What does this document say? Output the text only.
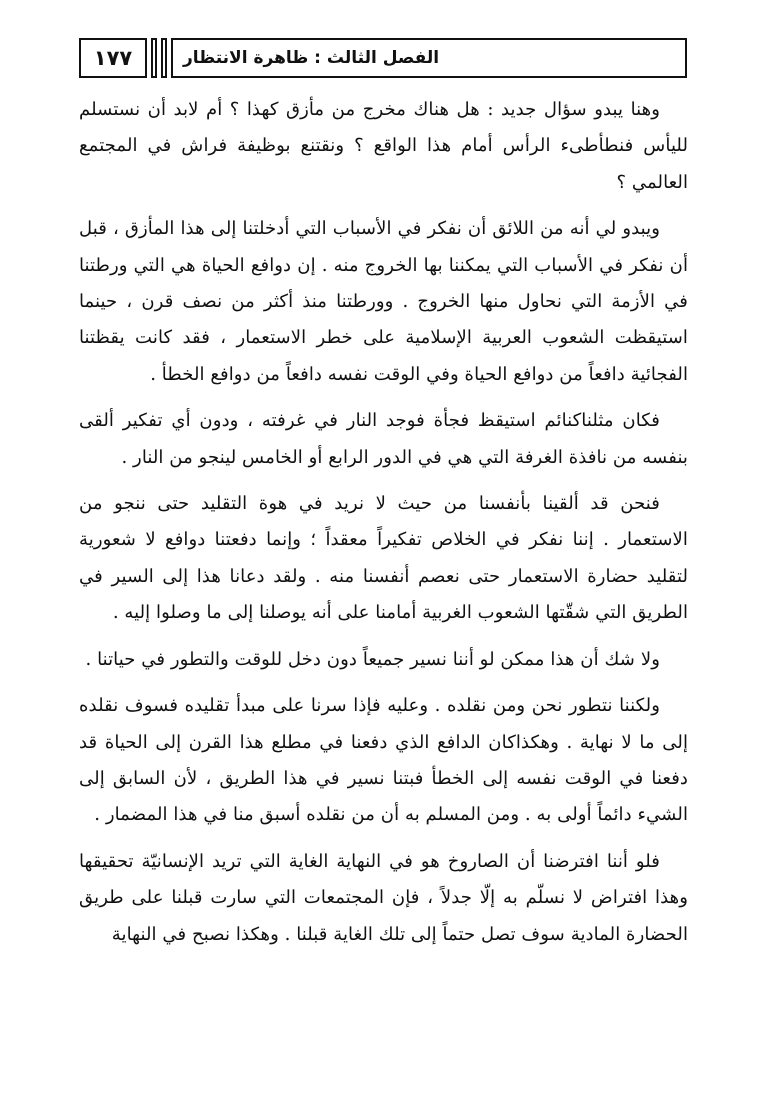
١٧٧	الفصل الثالث : ظاهرة الانتظار

وهنا يبدو سؤال جديد : هل هناك مخرج من مأزق كهذا ؟ أم لابد أن نستسلم لليأس فنطأطىء الرأس أمام هذا الواقع ؟ ونقتنع بوظيفة فراش في المجتمع العالمي ؟

ويبدو لي أنه من اللائق أن نفكر في الأسباب التي أدخلتنا إلى هذا المأزق ، قبل أن نفكر في الأسباب التي يمكننا بها الخروج منه . إن دوافع الحياة هي التي ورطتنا في الأزمة التي نحاول منها الخروج . وورطتنا منذ أكثر من نصف قرن ، حينما استيقظت الشعوب العربية الإسلامية على خطر الاستعمار ، فقد كانت يقظتنا الفجائية دافعاً من دوافع الحياة وفي الوقت نفسه دافعاً من دوافع الخطأ .

فكان مثلناكنائم استيقظ فجأة فوجد النار في غرفته ، ودون أي تفكير ألقى بنفسه من نافذة الغرفة التي هي في الدور الرابع أو الخامس لينجو من النار .

فنحن قد ألقينا بأنفسنا من حيث لا نريد في هوة التقليد حتى ننجو من الاستعمار . إننا نفكر في الخلاص تفكيراً معقداً ؛ وإنما دفعتنا دوافع لا شعورية لتقليد حضارة الاستعمار حتى نعصم أنفسنا منه . ولقد دعانا هذا إلى السير في الطريق التي شقّتها الشعوب الغربية أمامنا على أنه يوصلنا إلى ما وصلوا إليه .

ولا شك أن هذا ممكن لو أننا نسير جميعاً دون دخل للوقت والتطور في حياتنا .

ولكننا نتطور نحن ومن نقلده . وعليه فإذا سرنا على مبدأ تقليده فسوف نقلده إلى ما لا نهاية . وهكذاكان الدافع الذي دفعنا في مطلع هذا القرن إلى الحياة قد دفعنا في الوقت نفسه إلى الخطأ فبتنا نسير في هذا الطريق ، لأن السابق إلى الشيء دائماً أولى به . ومن المسلم به أن من نقلده أسبق منا في هذا المضمار .

فلو أننا افترضنا أن الصاروخ هو في النهاية الغاية التي تريد الإنسانيّة تحقيقها وهذا افتراض لا نسلّم به إلّا جدلاً ، فإن المجتمعات التي سارت قبلنا على طريق الحضارة المادية سوف تصل حتماً إلى تلك الغاية قبلنا . وهكذا نصبح في النهاية
